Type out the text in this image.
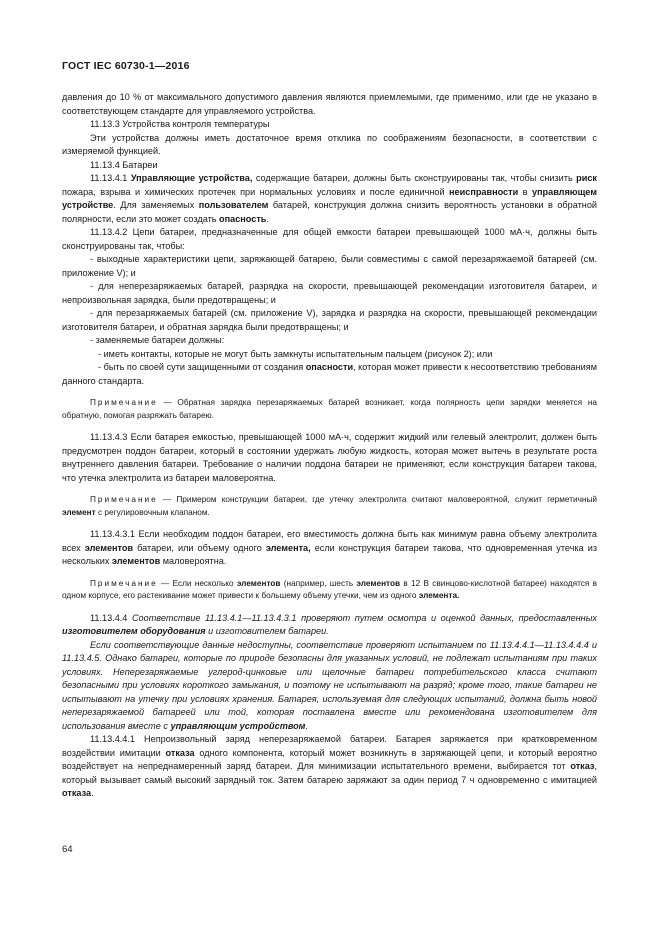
ГОСТ IEC 60730-1—2016

давления до 10 % от максимального допустимого давления являются приемлемыми, где применимо, или где не указано в соответствующем стандарте для управляемого устройства.

11.13.3 Устройства контроля температуры

Эти устройства должны иметь достаточное время отклика по соображениям безопасности, в соответствии с измеряемой функцией.

11.13.4 Батареи

11.13.4.1 Управляющие устройства, содержащие батареи, должны быть сконструированы так, чтобы снизить риск пожара, взрыва и химических протечек при нормальных условиях и после единичной неисправности в управляющем устройстве. Для заменяемых пользователем батарей, конструкция должна снизить вероятность установки в обратной полярности, если это может создать опасность.

11.13.4.2 Цепи батареи, предназначенные для общей емкости батареи превышающей 1000 мА·ч, должны быть сконструированы так, чтобы:

- выходные характеристики цепи, заряжающей батарею, были совместимы с самой перезаряжаемой батареей (см. приложение V); и

- для неперезаряжаемых батарей, разрядка на скорости, превышающей рекомендации изготовителя батареи, и непроизвольная зарядка, были предотвращены; и

- для перезаряжаемых батарей (см. приложение V), зарядка и разрядка на скорости, превышающей рекомендации изготовителя батареи, и обратная зарядка были предотвращены; и

- заменяемые батареи должны:

- иметь контакты, которые не могут быть замкнуты испытательным пальцем (рисунок 2); или

- быть по своей сути защищенными от создания опасности, которая может привести к несоответствию требованиям данного стандарта.

Примечание — Обратная зарядка перезаряжаемых батарей возникает, когда полярность цепи зарядки меняется на обратную, помогая разряжать батарею.

11.13.4.3 Если батарея емкостью, превышающей 1000 мА·ч, содержит жидкий или гелевый электролит, должен быть предусмотрен поддон батареи, который в состоянии удержать любую жидкость, которая может вытечь в результате роста внутреннего давления батареи. Требование о наличии поддона батареи не применяют, если конструкция батареи такова, что утечка электролита из батареи маловероятна.

Примечание — Примером конструкции батареи, где утечку электролита считают маловероятной, служит герметичный элемент с регулировочным клапаном.

11.13.4.3.1 Если необходим поддон батареи, его вместимость должна быть как минимум равна объему электролита всех элементов батареи, или объему одного элемента, если конструкция батареи такова, что одновременная утечка из нескольких элементов маловероятна.

Примечание — Если несколько элементов (например, шесть элементов в 12 В свинцово-кислотной батарее) находятся в одном корпусе, его растекивание может привести к большему объему утечки, чем из одного элемента.

11.13.4.4 Соответствие 11.13.4.1—11.13.4.3.1 проверяют путем осмотра и оценкой данных, предоставленных изготовителем оборудования и изготовителем батареи.

Если соответствующие данные недоступны, соответствие проверяют испытанием по 11.13.4.4.1—11.13.4.4.4 и 11.13.4.5. Однако батареи, которые по природе безопасны для указанных условий, не подлежат испытаниям при таких условиях. Неперезаряжаемые углерод-цинковые или щелочные батареи потребительского класса считают безопасными при условиях короткого замыкания, и поэтому не испытывают на разряд; кроме того, такие батареи не испытывают на утечку при условиях хранения. Батарея, используемая для следующих испытаний, должна быть новой неперезаряжаемой батареей или той, которая поставлена вместе или рекомендована изготовителем для использования вместе с управляющим устройством.

11.13.4.4.1 Непроизвольный заряд неперезаряжаемой батареи. Батарея заряжается при кратковременном воздействии имитации отказа одного компонента, который может возникнуть в заряжающей цепи, и который вероятно воздействует на непреднамеренный заряд батареи. Для минимизации испытательного времени, выбирается тот отказ, который вызывает самый высокий зарядный ток. Затем батарею заряжают за один период 7 ч одновременно с имитацией отказа.

64
